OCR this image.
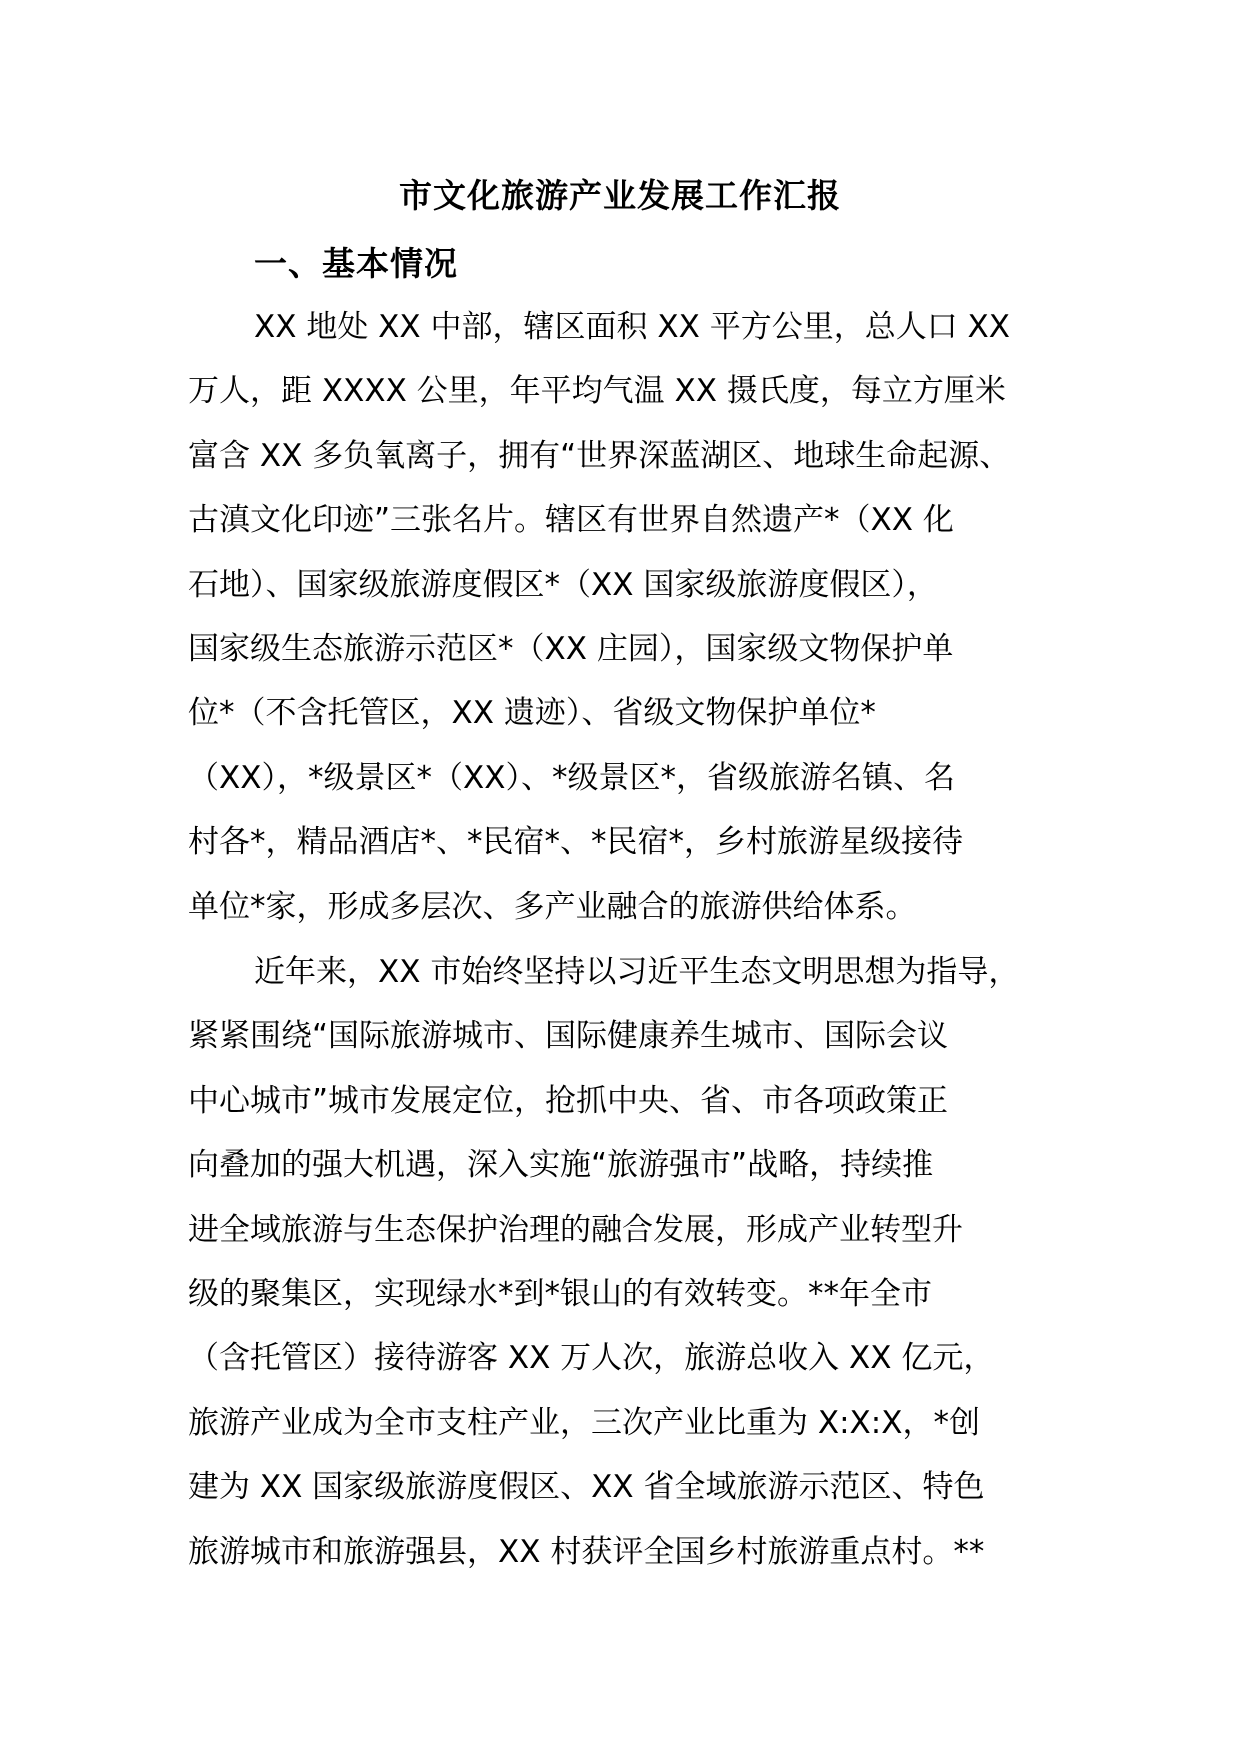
市文化旅游产业发展工作汇报
一、基本情况
XX 地处 XX 中部，辖区面积 XX 平方公里，总人口 XX
万人，距 XXXX 公里，年平均气温 XX 摄氏度，每立方厘米
富含 XX 多负氧离子，拥有“世界深蓝湖区、地球生命起源、
古滇文化印迹”三张名片。辖区有世界自然遗产*（XX 化
石地）、国家级旅游度假区*（XX 国家级旅游度假区），
国家级生态旅游示范区*（XX 庄园），国家级文物保护单
位*（不含托管区，XX 遗迹）、省级文物保护单位*
（XX），*级景区*（XX）、*级景区*，省级旅游名镇、名
村各*，精品酒店*、*民宿*、*民宿*，乡村旅游星级接待
单位*家，形成多层次、多产业融合的旅游供给体系。
近年来，XX 市始终坚持以习近平生态文明思想为指导，
紧紧围绕“国际旅游城市、国际健康养生城市、国际会议
中心城市”城市发展定位，抢抓中央、省、市各项政策正
向叠加的强大机遇，深入实施“旅游强市”战略，持续推
进全域旅游与生态保护治理的融合发展，形成产业转型升
级的聚集区，实现绿水*到*银山的有效转变。**年全市
（含托管区）接待游客 XX 万人次，旅游总收入 XX 亿元，
旅游产业成为全市支柱产业，三次产业比重为 X:X:X，*创
建为 XX 国家级旅游度假区、XX 省全域旅游示范区、特色
旅游城市和旅游强县，XX 村获评全国乡村旅游重点村。**
